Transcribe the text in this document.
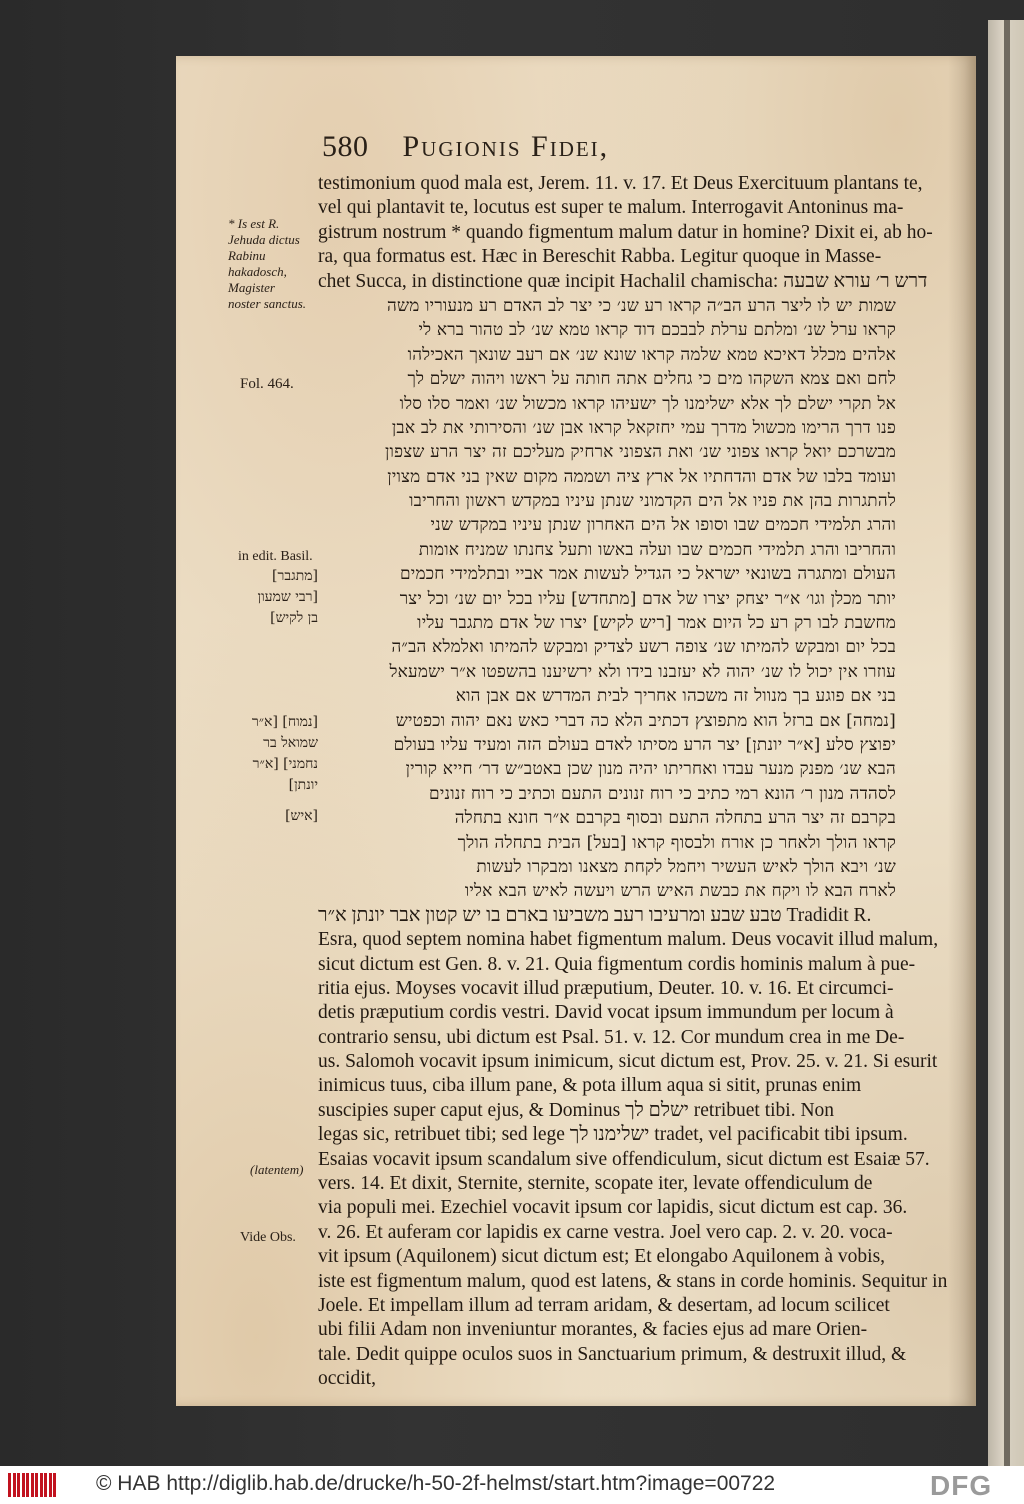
580 Pugionis Fidei,
testimonium quod mala est, Jerem. 11. v. 17. Et Deus Exercituum plantans te,
vel qui plantavit te, locutus est super te malum. Interrogavit Antoninus ma-
gistrum nostrum * quando figmentum malum datur in homine? Dixit ei, ab ho-
ra, qua formatus est. Hæc in Bereschit Rabba. Legitur quoque in Masse-
chet Succa, in distinctione quæ incipit Hachalil chamischa: דרש ר׳ עורא שבעה
שמות יש לו ליצר הרע הב״ה קראו רע שנ׳ כי יצר לב האדם רע מנעוריו משה
קראו ערל שנ׳ ומלתם ערלת לבבכם דוד קראו טמא שנ׳ לב טהור ברא לי
אלהים מכלל דאיכא טמא שלמה קראו שונא שנ׳ אם רעב שונאך האכילהו
לחם ואם צמא השקהו מים כי גחלים אתה חותה על ראשו ויהוה ישלם לך
אל תקרי ישלם לך אלא ישלימנו לך ישעיהו קראו מכשול שנ׳ ואמר סלו סלו
פנו דרך הרימו מכשול מדרך עמי יחזקאל קראו אבן שנ׳ והסירותי את לב אבן
מבשרכם יואל קראו צפוני שנ׳ ואת הצפוני ארחיק מעליכם זה יצר הרע שצפון
ועומד בלבו של אדם והדחתיו אל ארץ ציה ושממה מקום שאין בני אדם מצוין
להתגרות בהן את פניו אל הים הקדמוני שנתן עיניו במקדש ראשון והחריבו
והרג תלמידי חכמים שבו וסופו אל הים האחרון שנתן עיניו במקדש שני
והחריבו והרג תלמידי חכמים שבו ועלה באשו ותעל צחנתו שמניח אומות
העולם ומתגרה בשונאי ישראל כי הגדיל לעשות אמר אביי ובתלמידי חכמים
יותר מכלן וגו׳ א״ר יצחק יצרו של אדם [מתחדש] עליו בכל יום שנ׳ וכל יצר
מחשבת לבו רק רע כל היום אמר [ריש לקיש] יצרו של אדם מתגבר עליו
בכל יום ומבקש להמיתו שנ׳ צופה רשע לצדיק ומבקש להמיתו ואלמלא הב״ה
עוזרו אין יכול לו שנ׳ יהוה לא יעזבנו בידו ולא ירשיענו בהשפטו א״ר ישמעאל
בני אם פוגע בך מנוול זה משכהו אחריך לבית המדרש אם אבן הוא
[נמחה] אם ברזל הוא מתפוצץ דכתיב הלא כה דברי כאש נאם יהוה וכפטיש
יפוצץ סלע [א״ר יונתן] יצר הרע מסיתו לאדם בעולם הזה ומעיד עליו בעולם
הבא שנ׳ מפנק מנער עבדו ואחריתו יהיה מנון שכן באטב״ש דר׳ חייא קורין
לסהדה מנון ר׳ הונא רמי כתיב כי רוח זנונים התעם וכתיב כי רוח זנונים
בקרבם זה יצר הרע בתחלה התעם ובסוף בקרבם א״ר חונא בתחלה
קראו הולך ולאחר כן אורח ולבסוף קראו [בעל] הבית בתחלה הולך
שנ׳ ויבא הולך לאיש העשיר ויחמל לקחת מצאנו ומבקרו לעשות
לארח הבא לו ויקח את כבשת האיש הרש ויעשה לאיש הבא אליו
טבע שבע ומרעיבו רעב משביעו בארם בו יש קטון אבר יונתן א״ר Tradidit R.
Esra, quod septem nomina habet figmentum malum. Deus vocavit illud malum,
sicut dictum est Gen. 8. v. 21. Quia figmentum cordis hominis malum à pue-
ritia ejus. Moyses vocavit illud præputium, Deuter. 10. v. 16. Et circumci-
detis præputium cordis vestri. David vocat ipsum immundum per locum à
contrario sensu, ubi dictum est Psal. 51. v. 12. Cor mundum crea in me De-
us. Salomoh vocavit ipsum inimicum, sicut dictum est, Prov. 25. v. 21. Si esurit
inimicus tuus, ciba illum pane, & pota illum aqua si sitit, prunas enim
suscipies super caput ejus, & Dominus ישלם לך retribuet tibi. Non
legas sic, retribuet tibi; sed lege ישלימנו לך tradet, vel pacificabit tibi ipsum.
Esaias vocavit ipsum scandalum sive offendiculum, sicut dictum est Esaiæ 57.
vers. 14. Et dixit, Sternite, sternite, scopate iter, levate offendiculum de
via populi mei. Ezechiel vocavit ipsum cor lapidis, sicut dictum est cap. 36.
v. 26. Et auferam cor lapidis ex carne vestra. Joel vero cap. 2. v. 20. voca-
vit ipsum (Aquilonem) sicut dictum est; Et elongabo Aquilonem à vobis,
iste est figmentum malum, quod est latens, & stans in corde hominis. Sequitur in
Joele. Et impellam illum ad terram aridam, & desertam, ad locum scilicet
ubi filii Adam non inveniuntur morantes, & facies ejus ad mare Orien-
tale. Dedit quippe oculos suos in Sanctuarium primum, & destruxit illud, &
occidit,
* Is est R. Jehuda dictus Rabinu hakadosch, Magister noster sanctus.
Fol. 464.
in edit. Basil.
[מתגבר] [רבי שמעון בן לקיש]
[נמוח] [א״ר שמואל בר נחמני] [א״ר יונתן]
[איש]
(latentem)
Vide Obs.
© HAB http://diglib.hab.de/drucke/h-50-2f-helmst/start.htm?image=00722	DFG
